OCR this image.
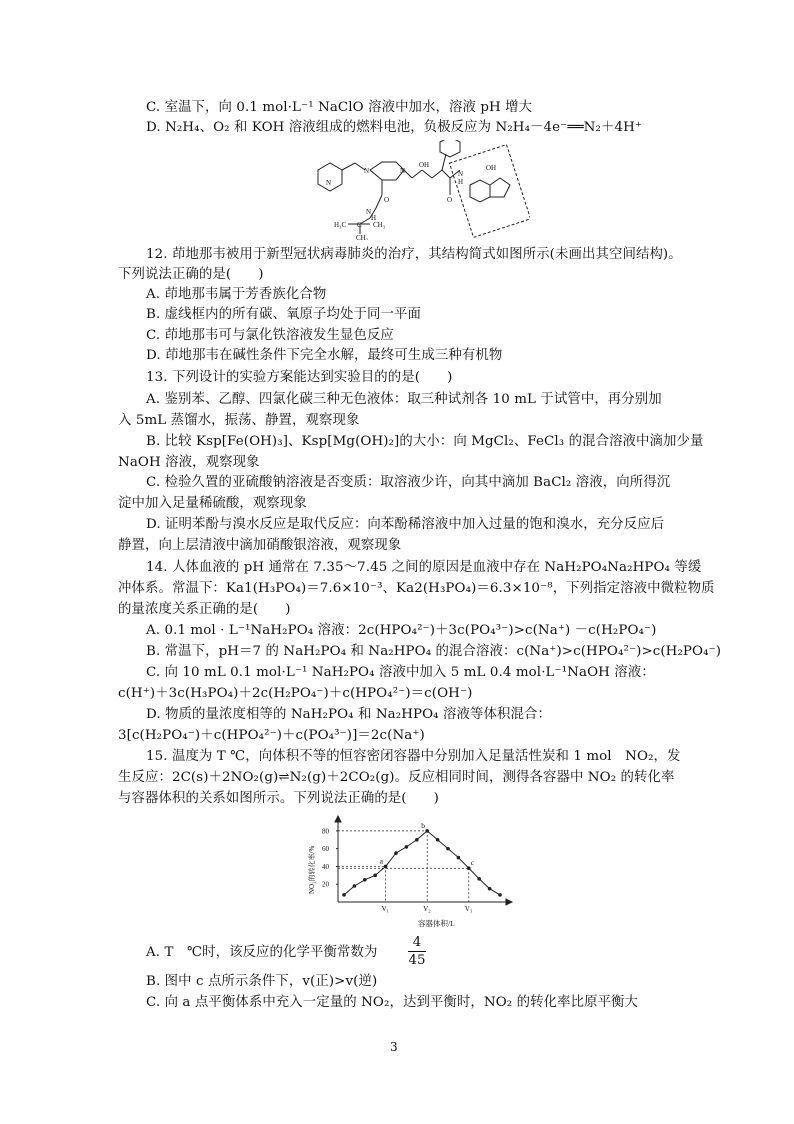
C. 室温下，向 0.1 mol·L⁻¹ NaClO 溶液中加水，溶液 pH 增大
D. N₂H₄、O₂ 和 KOH 溶液组成的燃料电池，负极反应为 N₂H₄－4e⁻══N₂＋4H⁺
N
N	N
OH
O
N
H
OH
O
N
H
H₃C C CH₃
CH₃
12. 茚地那韦被用于新型冠状病毒肺炎的治疗，其结构简式如图所示(未画出其空间结构)。
下列说法正确的是(　　)
A. 茚地那韦属于芳香族化合物
B. 虚线框内的所有碳、氧原子均处于同一平面
C. 茚地那韦可与氯化铁溶液发生显色反应
D. 茚地那韦在碱性条件下完全水解，最终可生成三种有机物
13. 下列设计的实验方案能达到实验目的的是(　　)
A. 鉴别苯、乙醇、四氯化碳三种无色液体：取三种试剂各 10 mL 于试管中，再分别加
入 5mL 蒸馏水，振荡、静置，观察现象
B. 比较 Ksp[Fe(OH)₃]、Ksp[Mg(OH)₂]的大小：向 MgCl₂、FeCl₃ 的混合溶液中滴加少量
NaOH 溶液，观察现象
C. 检验久置的亚硫酸钠溶液是否变质：取溶液少许，向其中滴加 BaCl₂ 溶液，向所得沉
淀中加入足量稀硫酸，观察现象
D. 证明苯酚与溴水反应是取代反应：向苯酚稀溶液中加入过量的饱和溴水，充分反应后
静置，向上层清液中滴加硝酸银溶液，观察现象
14. 人体血液的 pH 通常在 7.35～7.45 之间的原因是血液中存在 NaH₂PO₄Na₂HPO₄ 等缓
冲体系。常温下：Ka1(H₃PO₄)＝7.6×10⁻³、Ka2(H₃PO₄)＝6.3×10⁻⁸，下列指定溶液中微粒物质
的量浓度关系正确的是(　　)
A. 0.1 mol · L⁻¹NaH₂PO₄ 溶液：2c(HPO₄²⁻)＋3c(PO₄³⁻)>c(Na⁺) －c(H₂PO₄⁻)
B. 常温下，pH＝7 的 NaH₂PO₄ 和 Na₂HPO₄ 的混合溶液：c(Na⁺)>c(HPO₄²⁻)>c(H₂PO₄⁻)
C. 向 10 mL 0.1 mol·L⁻¹ NaH₂PO₄ 溶液中加入 5 mL 0.4 mol·L⁻¹NaOH 溶液：
c(H⁺)＋3c(H₃PO₄)＋2c(H₂PO₄⁻)＋c(HPO₄²⁻)＝c(OH⁻)
D. 物质的量浓度相等的 NaH₂PO₄ 和 Na₂HPO₄ 溶液等体积混合：
3[c(H₂PO₄⁻)＋c(HPO₄²⁻)＋c(PO₄³⁻)]＝2c(Na⁺)
15. 温度为 T ℃，向体积不等的恒容密闭容器中分别加入足量活性炭和 1 mol　NO₂，发
生反应：2C(s)＋2NO₂(g)⇌N₂(g)＋2CO₂(g)。反应相同时间，测得各容器中 NO₂ 的转化率
与容器体积的关系如图所示。下列说法正确的是(　　)
20
40
60
80
a
V₁
b
V₂
c
V₃
NO₂的转化率/%
容器体积/L
A. T　℃时，该反应的化学平衡常数为
4
45
B. 图中 c 点所示条件下，v(正)>v(逆)
C. 向 a 点平衡体系中充入一定量的 NO₂，达到平衡时，NO₂ 的转化率比原平衡大
3
